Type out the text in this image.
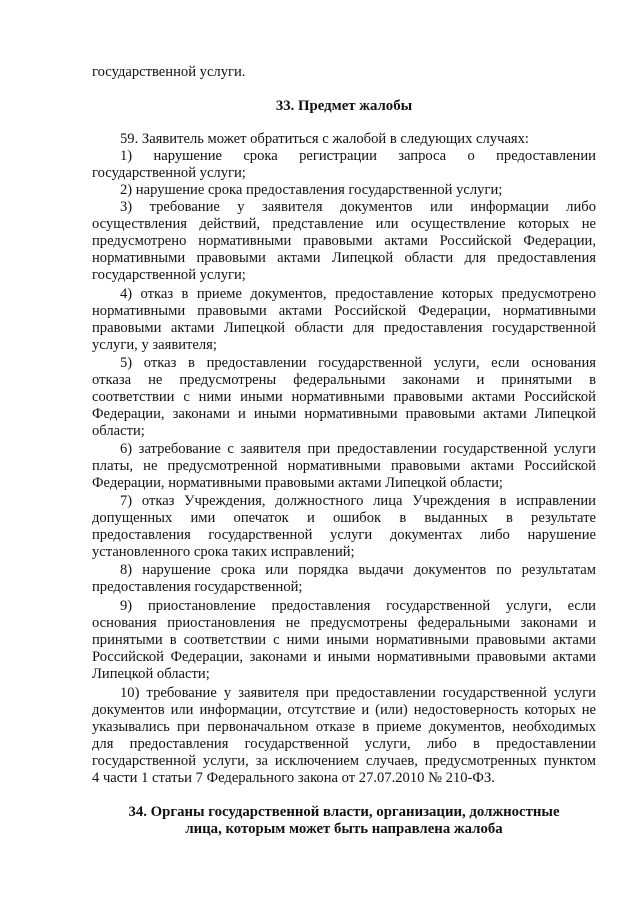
государственной услуги.
33. Предмет жалобы
59. Заявитель может обратиться с жалобой в следующих случаях:
1) нарушение срока регистрации запроса о предоставлении
государственной услуги;
2) нарушение срока предоставления государственной услуги;
3) требование у заявителя документов или информации либо
осуществления действий, представление или осуществление которых не
предусмотрено нормативными правовыми актами Российской Федерации,
нормативными правовыми актами Липецкой области для предоставления
государственной услуги;
4) отказ в приеме документов, предоставление которых предусмотрено
нормативными правовыми актами Российской Федерации, нормативными
правовыми актами Липецкой области для предоставления государственной
услуги, у заявителя;
5) отказ в предоставлении государственной услуги, если основания
отказа не предусмотрены федеральными законами и принятыми в
соответствии с ними иными нормативными правовыми актами Российской
Федерации, законами и иными нормативными правовыми актами Липецкой
области;
6) затребование с заявителя при предоставлении государственной услуги
платы, не предусмотренной нормативными правовыми актами Российской
Федерации, нормативными правовыми актами Липецкой области;
7) отказ Учреждения, должностного лица Учреждения в исправлении
допущенных ими опечаток и ошибок в выданных в результате
предоставления государственной услуги документах либо нарушение
установленного срока таких исправлений;
8) нарушение срока или порядка выдачи документов по результатам
предоставления государственной;
9) приостановление предоставления государственной услуги, если
основания приостановления не предусмотрены федеральными законами и
принятыми в соответствии с ними иными нормативными правовыми актами
Российской Федерации, законами и иными нормативными правовыми актами
Липецкой области;
10) требование у заявителя при предоставлении государственной услуги
документов или информации, отсутствие и (или) недостоверность которых не
указывались при первоначальном отказе в приеме документов, необходимых
для предоставления государственной услуги, либо в предоставлении
государственной услуги, за исключением случаев, предусмотренных пунктом
4 части 1 статьи 7 Федерального закона от 27.07.2010 № 210-ФЗ.
34. Органы государственной власти, организации, должностные
лица, которым может быть направлена жалоба
